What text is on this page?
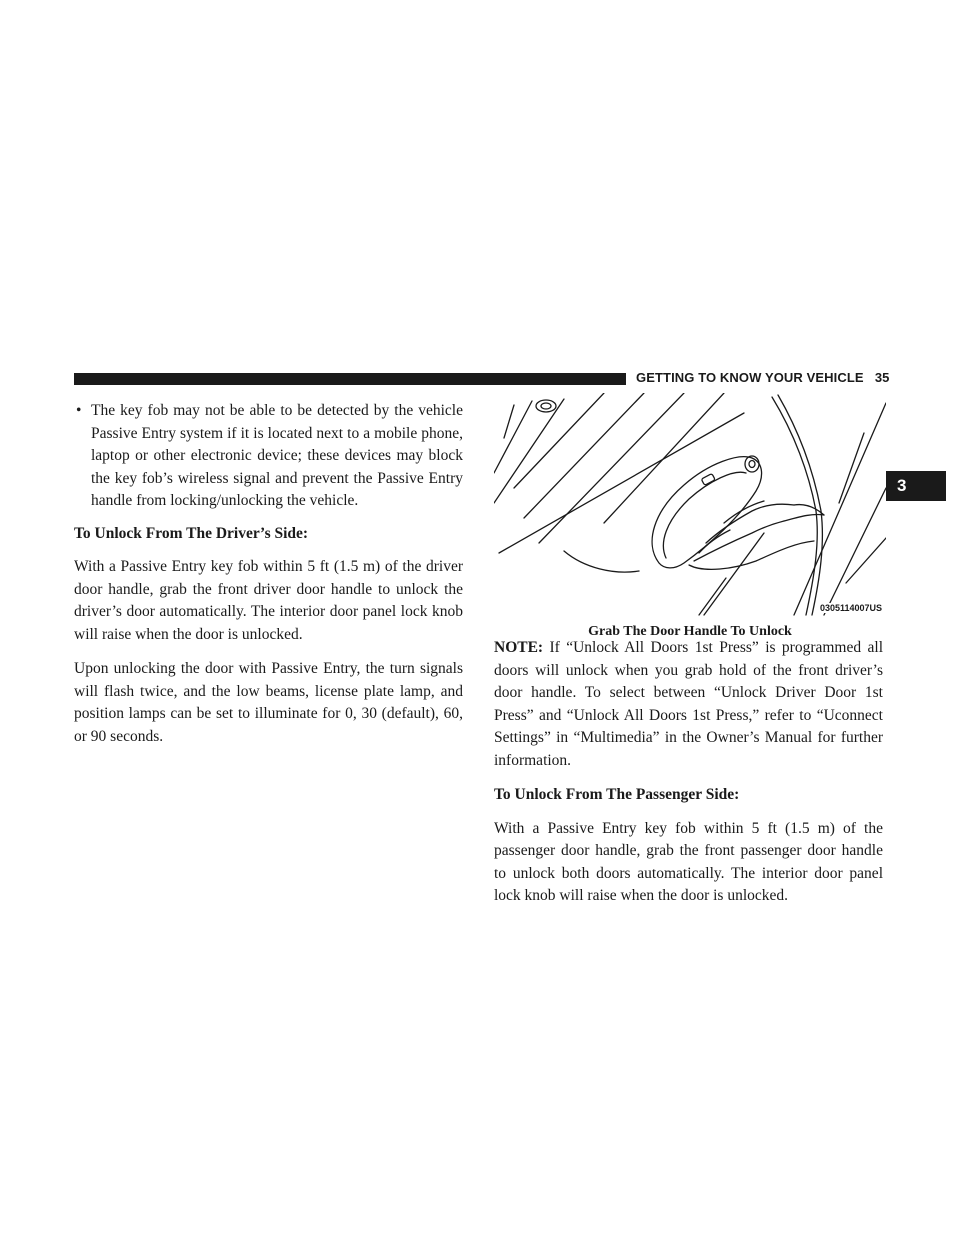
GETTING TO KNOW YOUR VEHICLE 35
3
• The key fob may not be able to be detected by the vehicle Passive Entry system if it is located next to a mobile phone, laptop or other electronic device; these devices may block the key fob’s wireless signal and prevent the Passive Entry handle from locking/unlocking the vehicle.

To Unlock From The Driver’s Side:

With a Passive Entry key fob within 5 ft (1.5 m) of the driver door handle, grab the front driver door handle to unlock the driver’s door automatically. The interior door panel lock knob will raise when the door is unlocked.

Upon unlocking the door with Passive Entry, the turn signals will flash twice, and the low beams, license plate lamp, and position lamps can be set to illuminate for 0, 30 (default), 60, or 90 seconds.

0305114007US
Grab The Door Handle To Unlock

NOTE: If “Unlock All Doors 1st Press” is programmed all doors will unlock when you grab hold of the front driver’s door handle. To select between “Unlock Driver Door 1st Press” and “Unlock All Doors 1st Press,” refer to “Uconnect Settings” in “Multimedia” in the Owner’s Manual for further information.

To Unlock From The Passenger Side:

With a Passive Entry key fob within 5 ft (1.5 m) of the passenger door handle, grab the front passenger door handle to unlock both doors automatically. The interior door panel lock knob will raise when the door is unlocked.
